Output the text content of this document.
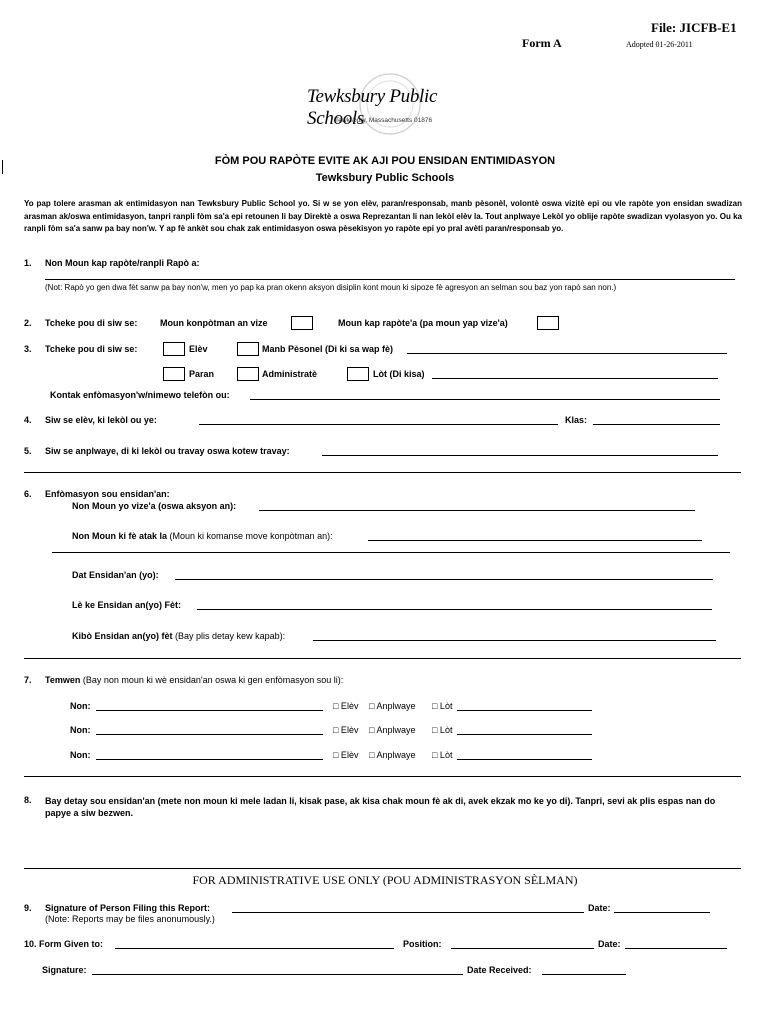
File: JICFB-E1
Form A	Adopted 01-26-2011
Tewksbury Public Schools
Tewksbury, Massachusetts 01876
FÒM POU RAPÒTE EVITE AK AJI POU ENSIDAN ENTIMIDASYON
Tewksbury Public Schools
Yo pap tolere arasman ak entimidasyon nan Tewksbury Public School yo. Si w se yon elèv, paran/responsab, manb pèsonèl, volontè oswa vizitè epi ou vle rapòte yon ensidan swadizan arasman ak/oswa entimidasyon, tanpri ranpli fòm sa'a epi retounen li bay Direktè a oswa Reprezantan li nan lekòl elèv la. Tout anplwaye Lekòl yo oblije rapòte swadizan vyolasyon yo. Ou ka ranpli fòm sa'a sanw pa bay non'w. Y ap fè ankèt sou chak zak entimidasyon oswa pèsekisyon yo rapòte epi yo pral avèti paran/responsab yo.
1. Non Moun kap rapòte/ranpli Rapò a:
(Not: Rapò yo gen dwa fèt sanw pa bay non'w, men yo pap ka pran okenn aksyon disiplin kont moun ki sipoze fè agresyon an selman sou baz yon rapò san non.)
2. Tcheke pou di siw se:	Moun konpòtman an vize	Moun kap rapòte'a (pa moun yap vize'a)
3. Tcheke pou di siw se:	Elèv	Manb Pèsonel (Di ki sa wap fè)
Paran	Administratè	Lòt (Di kisa)
Kontak enfòmasyon'w/nimewo telefòn ou:
4. Siw se elèv, ki lekòl ou ye:	Klas:
5. Siw se anplwaye, di ki lekòl ou travay oswa kotew travay:
6. Enfòmasyon sou ensidan'an:
Non Moun yo vize'a (oswa aksyon an):
Non Moun ki fè atak la (Moun ki komanse move konpòtman an):
Dat Ensidan'an (yo):
Lè ke Ensidan an(yo) Fèt:
Kibò Ensidan an(yo) fèt (Bay plis detay kew kapab):
7. Temwen (Bay non moun ki wè ensidan'an oswa ki gen enfòmasyon sou li):
Non:	□ Elèv □ Anplwaye □ Lòt
Non:	□ Elèv □ Anplwaye □ Lòt
Non:	□ Elèv □ Anplwaye □ Lòt
8. Bay detay sou ensidan'an (mete non moun ki mele ladan li, kisak pase, ak kisa chak moun fè ak di, avek ekzak mo ke yo di). Tanpri, sevi ak plis espas nan do papye a siw bezwen.
FOR ADMINISTRATIVE USE ONLY (POU ADMINISTRASYON SÈLMAN)
9. Signature of Person Filing this Report:	Date:
(Note: Reports may be files anonumously.)
10. Form Given to:	Position:	Date:
Signature:	Date Received:
